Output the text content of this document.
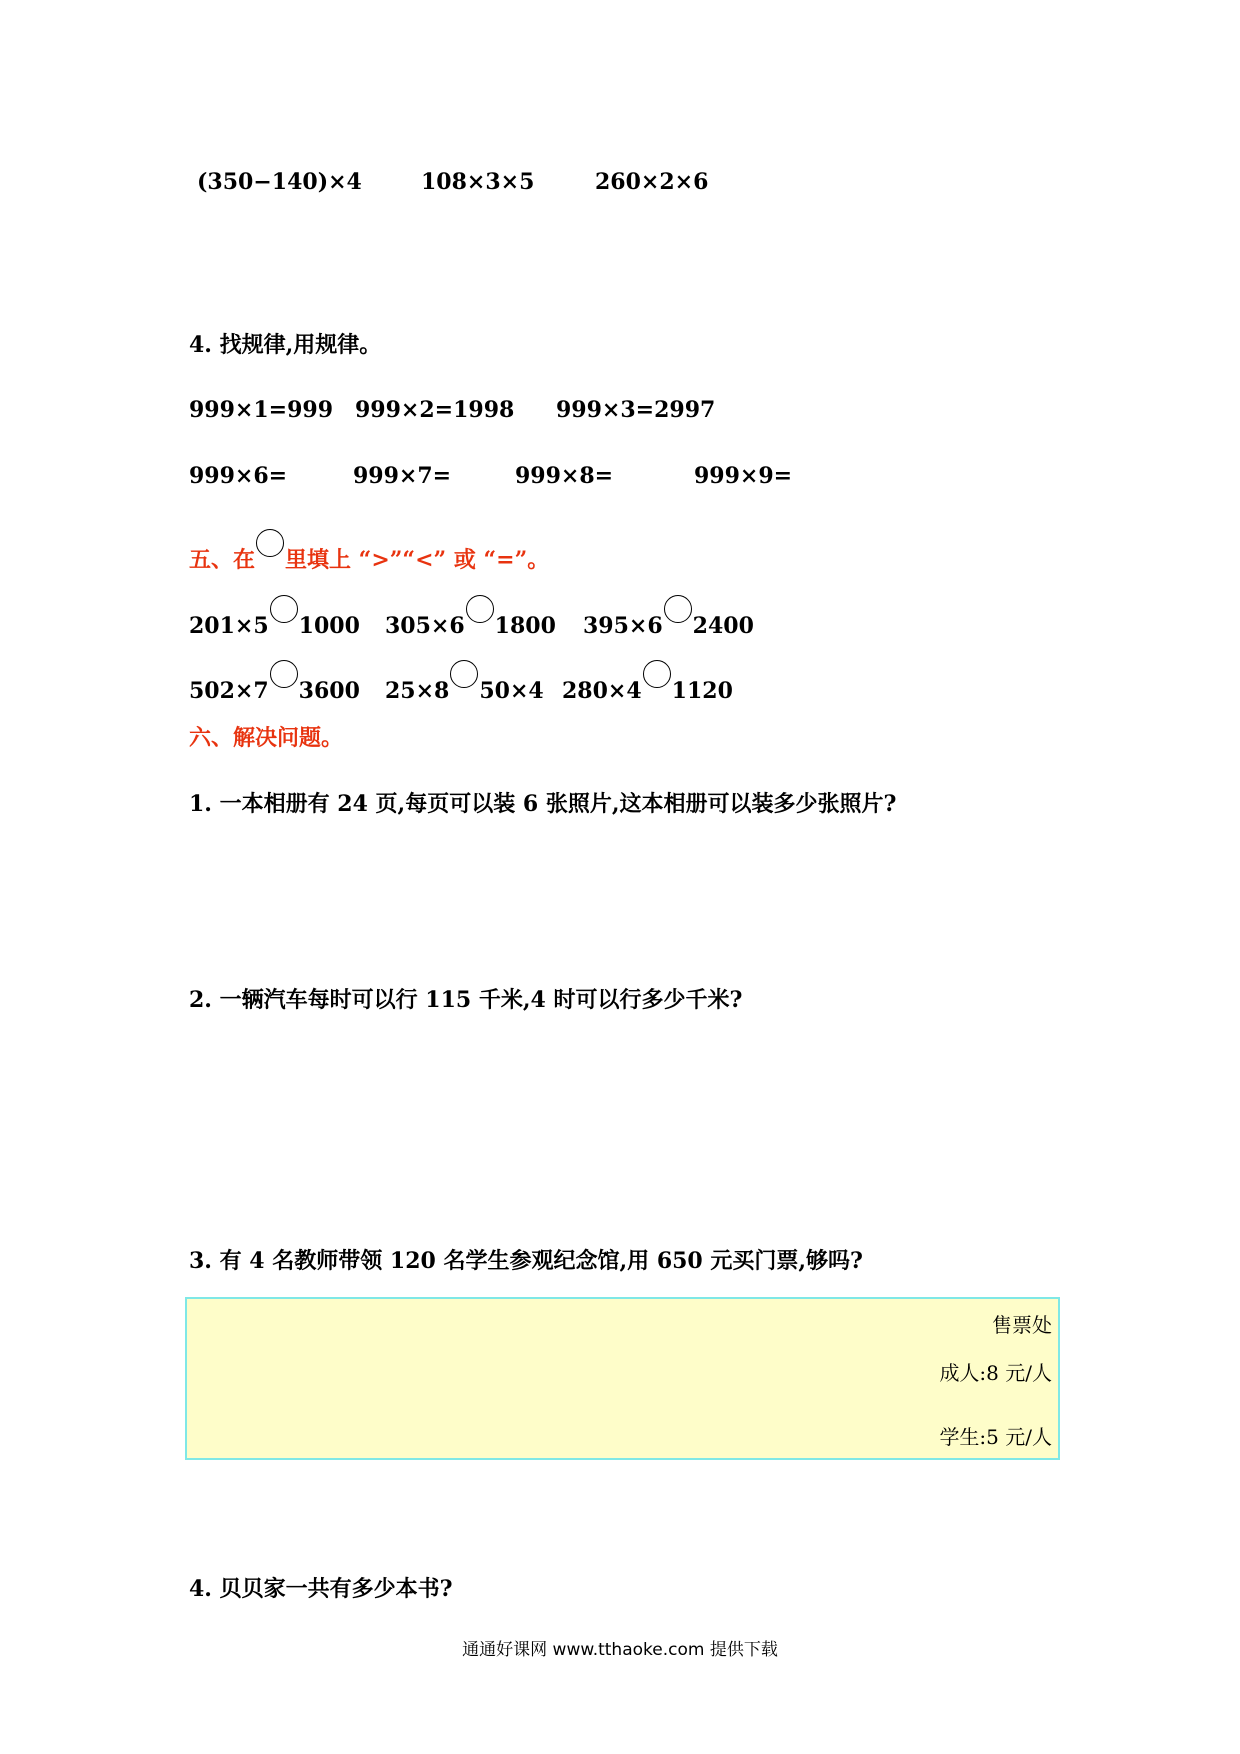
(350−140)×4	108×3×5	260×2×6
4. 找规律,用规律。
999×1=999 999×2=1998 999×3=2997
999×6=	999×7=	999×8=	999×9=
五、在 里填上 “>”“<” 或 “=”。
201×5 1000 305×6 1800 395×6 2400
502×7 3600 25×8 50×4 280×4 1120
六、解决问题。
1. 一本相册有 24 页,每页可以装 6 张照片,这本相册可以装多少张照片?
2. 一辆汽车每时可以行 115 千米,4 时可以行多少千米?
3. 有 4 名教师带领 120 名学生参观纪念馆,用 650 元买门票,够吗?
售票处
成人:8 元/人
学生:5 元/人
4. 贝贝家一共有多少本书?
通通好课网 www.tthaoke.com 提供下载
